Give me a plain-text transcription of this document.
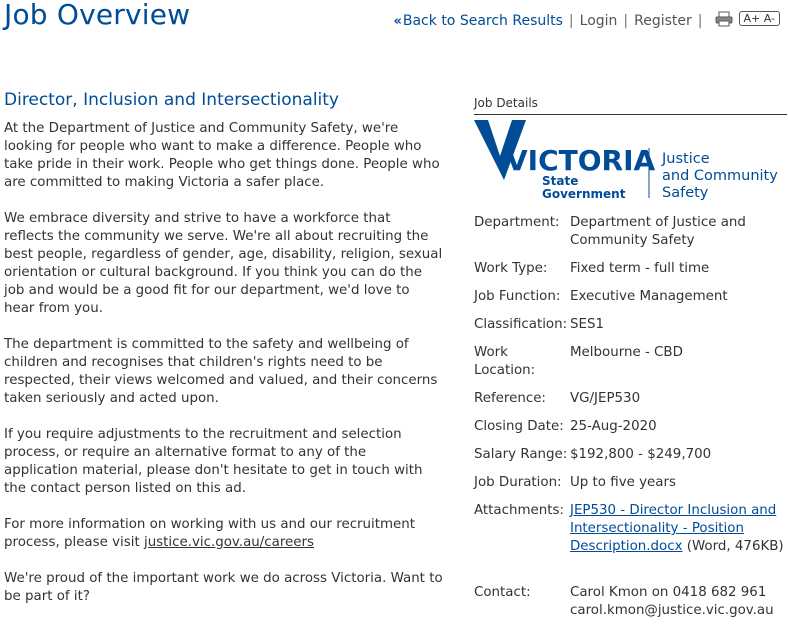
Job Overview	« Back to Search Results | Login | Register |	A+ A-
Director, Inclusion and Intersectionality

At the Department of Justice and Community Safety, we're looking for people who want to make a difference. People who take pride in their work. People who get things done. People who are committed to making Victoria a safer place.

We embrace diversity and strive to have a workforce that reflects the community we serve. We're all about recruiting the best people, regardless of gender, age, disability, religion, sexual orientation or cultural background. If you think you can do the job and would be a good fit for our department, we'd love to hear from you.

The department is committed to the safety and wellbeing of children and recognises that children's rights need to be respected, their views welcomed and valued, and their concerns taken seriously and acted upon.

If you require adjustments to the recruitment and selection process, or require an alternative format to any of the application material, please don't hesitate to get in touch with the contact person listed on this ad.

For more information on working with us and our recruitment process, please visit justice.vic.gov.au/careers

We're proud of the important work we do across Victoria. Want to be part of it?

Job Details
VICTORIA
State
Government
Justice
and Community
Safety
Department: Department of Justice and Community Safety
Work Type:	Fixed term - full time
Job Function: Executive Management
Classification: SES1
Work Location:
Melbourne - CBD
Reference:	VG/JEP530
Closing Date: 25-Aug-2020
Salary Range: $192,800 - $249,700
Job Duration: Up to five years
Attachments: JEP530 - Director Inclusion and Intersectionality - Position Description.docx (Word, 476KB)
Contact:	Carol Kmon on 0418 682 961
carol.kmon@justice.vic.gov.au
